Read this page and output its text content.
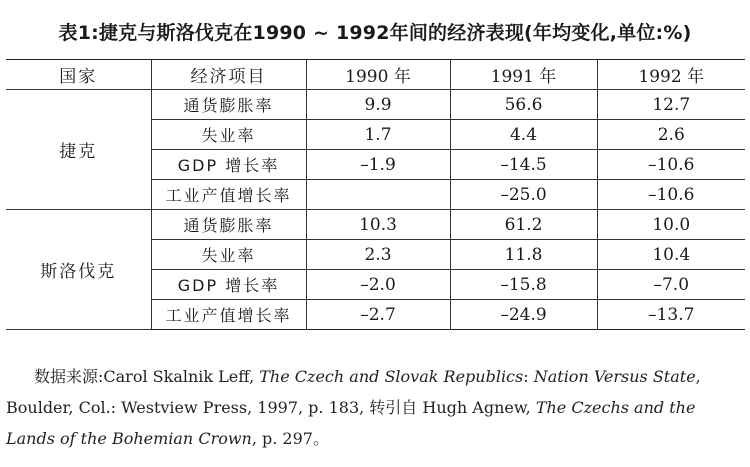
表1:捷克与斯洛伐克在1990 ~ 1992年间的经济表现(年均变化,单位:%)
国家	经济项目	1990 年	1991 年	1992 年
捷克	通货膨胀率	9.9	56.6	12.7
	失业率	1.7	4.4	2.6
	GDP 增长率	–1.9	–14.5	–10.6
	工业产值增长率		–25.0	–10.6
斯洛伐克	通货膨胀率	10.3	61.2	10.0
	失业率	2.3	11.8	10.4
	GDP 增长率	–2.0	–15.8	–7.0
	工业产值增长率	–2.7	–24.9	–13.7
数据来源:Carol Skalnik Leff, The Czech and Slovak Republics: Nation Versus State,
Boulder, Col.: Westview Press, 1997, p. 183, 转引自 Hugh Agnew, The Czechs and the
Lands of the Bohemian Crown, p. 297。
